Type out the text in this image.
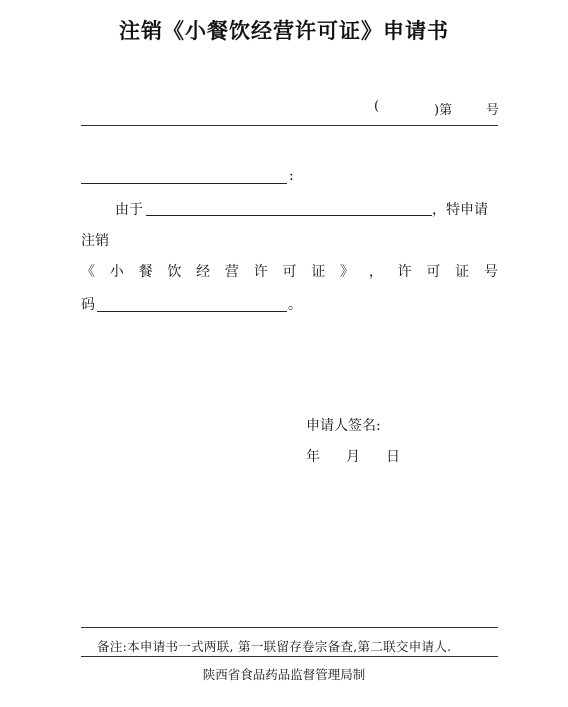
注销《小餐饮经营许可证》申请书
(	)第	号
:
由于	，特申请
注销
《 小 餐 饮 经 营 许 可 证 》 ， 许 可 证 号
码	。
申请人签名:
年 月 日
备注:本申请书一式两联, 第一联留存卷宗备查,第二联交申请人.
陕西省食品药品监督管理局制
